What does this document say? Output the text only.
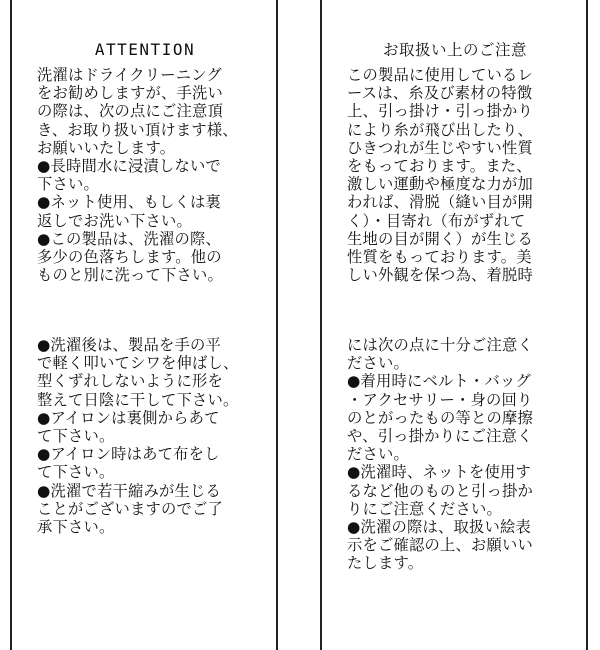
ATTENTION
洗濯はドライクリーニング
をお勧めしますが、手洗い
の際は、次の点にご注意頂
き、お取り扱い頂けます様、
お願いいたします。
●長時間水に浸漬しないで
下さい。
●ネット使用、もしくは裏
返しでお洗い下さい。
●この製品は、洗濯の際、
多少の色落ちします。他の
ものと別に洗って下さい。
●洗濯後は、製品を手の平
で軽く叩いてシワを伸ばし、
型くずれしないように形を
整えて日陰に干して下さい。
●アイロンは裏側からあて
て下さい。
●アイロン時はあて布をし
て下さい。
●洗濯で若干縮みが生じる
ことがございますのでご了
承下さい。
お取扱い上のご注意
この製品に使用しているレ
ースは、糸及び素材の特徴
上、引っ掛け・引っ掛かり
により糸が飛び出したり、
ひきつれが生じやすい性質
をもっております。また、
激しい運動や極度な力が加
われば、滑脱（縫い目が開
く）・目寄れ（布がずれて
生地の目が開く）が生じる
性質をもっております。美
しい外観を保つ為、着脱時
には次の点に十分ご注意く
ださい。
●着用時にベルト・バッグ
・アクセサリー・身の回り
のとがったもの等との摩擦
や、引っ掛かりにご注意く
ださい。
●洗濯時、ネットを使用す
るなど他のものと引っ掛か
りにご注意ください。
●洗濯の際は、取扱い絵表
示をご確認の上、お願いい
たします。
